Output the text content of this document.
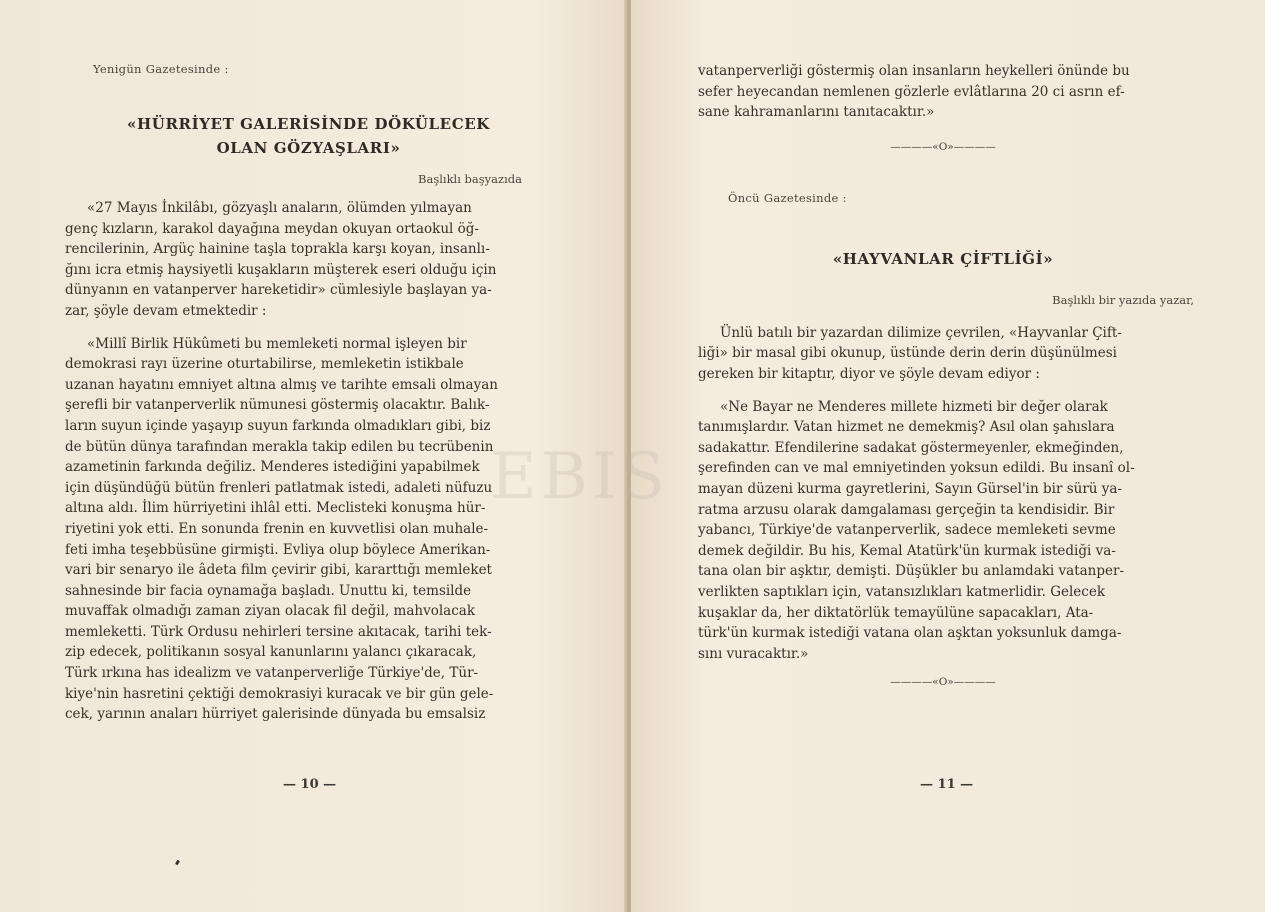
Yenigün Gazetesinde :

«HÜRRİYET GALERİSİNDE DÖKÜLECEK

OLAN GÖZYAŞLARI»

Başlıklı başyazıda

«27 Mayıs İnkilâbı, gözyaşlı anaların, ölümden yılmayan
genç kızların, karakol dayağına meydan okuyan ortaokul öğ-
rencilerinin, Argüç hainine taşla toprakla karşı koyan, insanlı-
ğını icra etmiş haysiyetli kuşakların müşterek eseri olduğu için
dünyanın en vatanperver hareketidir» cümlesiyle başlayan ya-
zar, şöyle devam etmektedir :
«Millî Birlik Hükûmeti bu memleketi normal işleyen bir
demokrasi rayı üzerine oturtabilirse, memleketin istikbale
uzanan hayatını emniyet altına almış ve tarihte emsali olmayan
şerefli bir vatanperverlik nümunesi göstermiş olacaktır. Balık-
ların suyun içinde yaşayıp suyun farkında olmadıkları gibi, biz
de bütün dünya tarafından merakla takip edilen bu tecrübenin
azametinin farkında değiliz. Menderes istediğini yapabilmek
için düşündüğü bütün frenleri patlatmak istedi, adaleti nüfuzu
altına aldı. İlim hürriyetini ihlâl etti. Meclisteki konuşma hür-
riyetini yok etti. En sonunda frenin en kuvvetlisi olan muhale-
feti imha teşebbüsüne girmişti. Evliya olup böylece Amerikan-
vari bir senaryo ile âdeta film çevirir gibi, kararttığı memleket
sahnesinde bir facia oynamağa başladı. Unuttu ki, temsilde
muvaffak olmadığı zaman ziyan olacak fil değil, mahvolacak
memleketti. Türk Ordusu nehirleri tersine akıtacak, tarihi tek-
zip edecek, politikanın sosyal kanunlarını yalancı çıkaracak,
Türk ırkına has idealizm ve vatanperverliğe Türkiye'de, Tür-
kiye'nin hasretini çektiği demokrasiyi kuracak ve bir gün gele-
cek, yarının anaları hürriyet galerisinde dünyada bu emsalsiz
— 10 —
vatanperverliği göstermiş olan insanların heykelleri önünde bu
sefer heyecandan nemlenen gözlerle evlâtlarına 20 ci asrın ef-
sane kahramanlarını tanıtacaktır.»

————«O»————

Öncü Gazetesinde :

«HAYVANLAR ÇİFTLİĞİ»

Başlıklı bir yazıda yazar,

Ünlü batılı bir yazardan dilimize çevrilen, «Hayvanlar Çift-
liği» bir masal gibi okunup, üstünde derin derin düşünülmesi
gereken bir kitaptır, diyor ve şöyle devam ediyor :
«Ne Bayar ne Menderes millete hizmeti bir değer olarak
tanımışlardır. Vatan hizmet ne demekmiş? Asıl olan şahıslara
sadakattır. Efendilerine sadakat göstermeyenler, ekmeğinden,
şerefinden can ve mal emniyetinden yoksun edildi. Bu insanî ol-
mayan düzeni kurma gayretlerini, Sayın Gürsel'in bir sürü ya-
ratma arzusu olarak damgalaması gerçeğin ta kendisidir. Bir
yabancı, Türkiye'de vatanperverlik, sadece memleketi sevme
demek değildir. Bu his, Kemal Atatürk'ün kurmak istediği va-
tana olan bir aşktır, demişti. Düşükler bu anlamdaki vatanper-
verlikten saptıkları için, vatansızlıkları katmerlidir. Gelecek
kuşaklar da, her diktatörlük temayülüne sapacakları, Ata-
türk'ün kurmak istediği vatana olan aşktan yoksunluk damga-
sını vuracaktır.»

————«O»————

— 11 —
EBIS
